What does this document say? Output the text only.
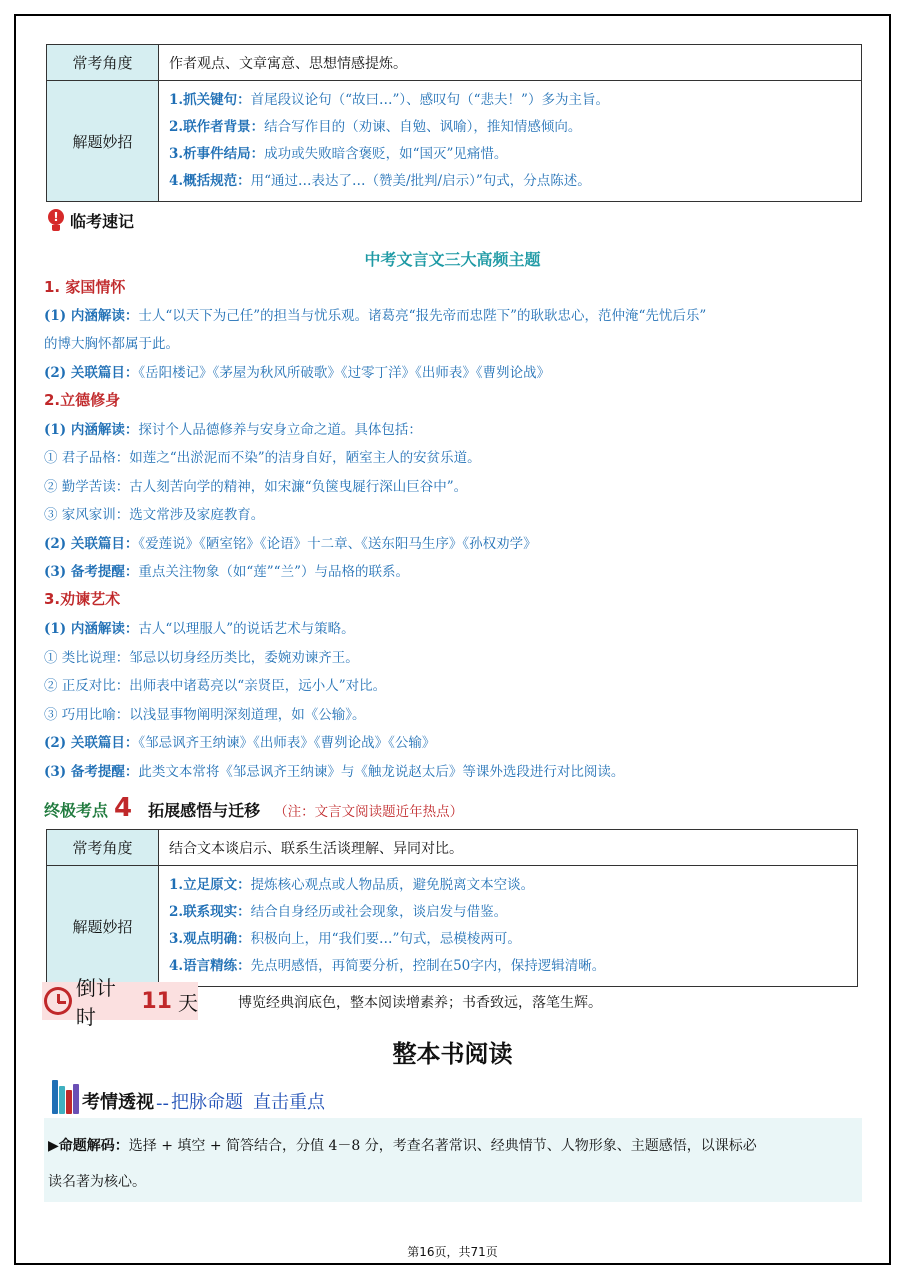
常考角度	作者观点、文章寓意、思想情感提炼。
解题妙招	1.抓关键句：首尾段议论句（“故曰…”）、感叹句（“悲夫！”）多为主旨。
2.联作者背景：结合写作目的（劝谏、自勉、讽喻），推知情感倾向。
3.析事件结局：成功或失败暗含褒贬，如“国灭”见痛惜。
4.概括规范：用“通过…表达了…（赞美/批判/启示）”句式，分点陈述。
! 临考速记
中考文言文三大高频主题
1. 家国情怀
(1) 内涵解读：士人“以天下为己任”的担当与忧乐观。诸葛亮“报先帝而忠陛下”的耿耿忠心，范仲淹“先忧后乐”
的博大胸怀都属于此。
(2) 关联篇目：《岳阳楼记》《茅屋为秋风所破歌》《过零丁洋》《出师表》《曹刿论战》
2.立德修身
(1) 内涵解读：探讨个人品德修养与安身立命之道。具体包括：
① 君子品格：如莲之“出淤泥而不染”的洁身自好，陋室主人的安贫乐道。
② 勤学苦读：古人刻苦向学的精神，如宋濂“负箧曳屣行深山巨谷中”。
③ 家风家训：选文常涉及家庭教育。
(2) 关联篇目：《爱莲说》《陋室铭》《论语》十二章、《送东阳马生序》《孙权劝学》
(3) 备考提醒：重点关注物象（如“莲”“兰”）与品格的联系。
3.劝谏艺术
(1) 内涵解读：古人“以理服人”的说话艺术与策略。
① 类比说理：邹忌以切身经历类比，委婉劝谏齐王。
② 正反对比：出师表中诸葛亮以“亲贤臣，远小人”对比。
③ 巧用比喻：以浅显事物阐明深刻道理，如《公输》。
(2) 关联篇目：《邹忌讽齐王纳谏》《出师表》《曹刿论战》《公输》
(3) 备考提醒：此类文本常将《邹忌讽齐王纳谏》与《触龙说赵太后》等课外选段进行对比阅读。
终极考点 4 拓展感悟与迁移 （注：文言文阅读题近年热点）
常考角度	结合文本谈启示、联系生活谈理解、异同对比。
解题妙招	1.立足原文：提炼核心观点或人物品质，避免脱离文本空谈。
2.联系现实：结合自身经历或社会现象，谈启发与借鉴。
3.观点明确：积极向上，用“我们要…”句式，忌模棱两可。
4.语言精练：先点明感悟，再简要分析，控制在50字内，保持逻辑清晰。
倒计时
11 天	博览经典润底色，整本阅读增素养；书香致远，落笔生辉。
整本书阅读
考情透视 -- 把脉命题 直击重点
▶命题解码：选择 + 填空 + 简答结合，分值 4－8 分，考查名著常识、经典情节、人物形象、主题感悟，以课标必
读名著为核心。
第16页，共71页
